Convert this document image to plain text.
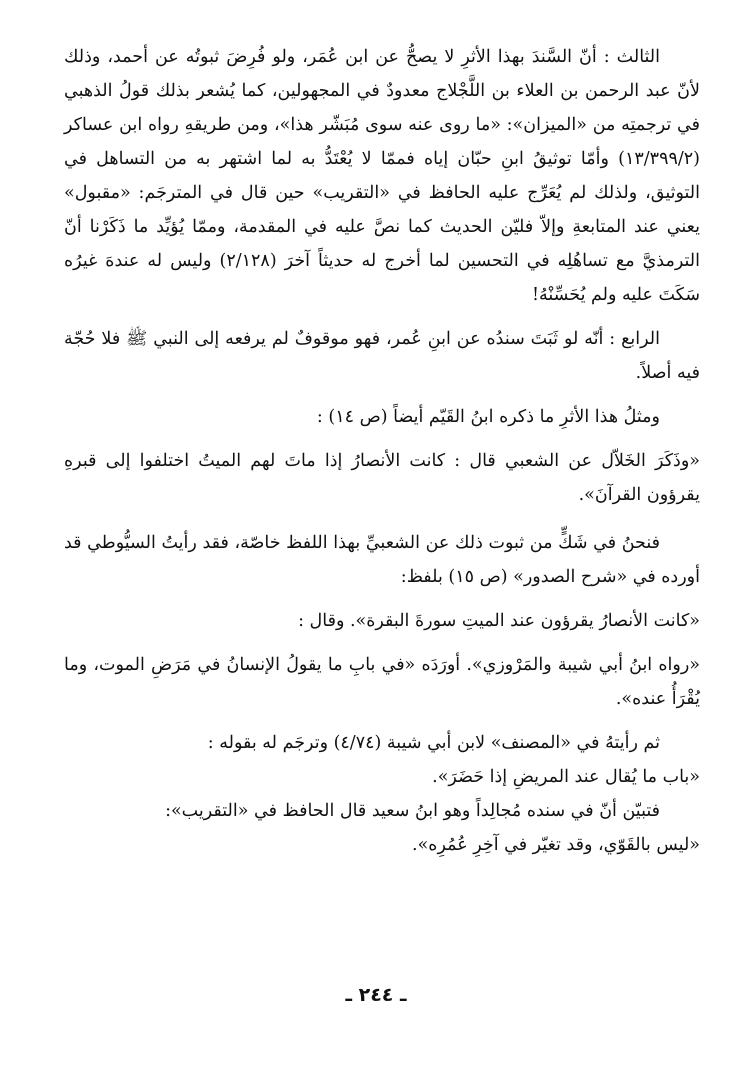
الثالث : أنّ السَّندَ بهذا الأثرِ لا يصحُّ عن ابن عُمَر، ولو فُرِضَ ثبوتُه عن أحمد، وذلك لأنّ عبد الرحمن بن العلاء بن اللَّجْلاج معدودٌ في المجهولين، كما يُشعر بذلك قولُ الذهبي في ترجمتِه من «الميزان»: «ما روى عنه سوى مُبَشّر هذا»، ومن طريقهِ رواه ابن عساكر (١٣/٣٩٩/٢) وأمّا توثيقُ ابنِ حبّان إياه فممّا لا يُعْتَدُّ به لما اشتهر به من التساهل في التوثيق، ولذلك لم يُعَرِّج عليه الحافظ في «التقريب» حين قال في المترجَم: «مقبول» يعني عند المتابعةِ وإلاّ فليّن الحديث كما نصَّ عليه في المقدمة، وممّا يُؤيِّد ما ذَكَرْنا أنّ الترمذيَّ مع تساهُلِه في التحسين لما أخرج له حديثاً آخرَ (٢/١٢٨) وليس له عندهَ غيرُه سَكَتَ عليه ولم يُحَسِّنْهُ!

الرابع : أنّه لو ثَبَتَ سندُه عن ابنِ عُمر، فهو موقوفٌ لم يرفعه إلى النبي ﷺ فلا حُجّة فيه أصلاً.

ومثلُ هذا الأثرِ ما ذكره ابنُ القَيّم أيضاً (ص ١٤) :

«وذَكَرَ الخَلاّل عن الشعبي قال : كانت الأنصارُ إذا ماتَ لهم الميتُ اختلفوا إلى قبرهِ يقرؤون القرآنَ».

فنحنُ في شَكٍّ من ثبوت ذلك عن الشعبيِّ بهذا اللفظ خاصّة، فقد رأيتُ السيُّوطي قد أورده في «شرح الصدور» (ص ١٥) بلفظ:

«كانت الأنصارُ يقرؤون عند الميتِ سورةَ البقرة». وقال :

«رواه ابنُ أبي شيبة والمَرْوزي». أورَدَه «في بابِ ما يقولُ الإنسانُ في مَرَضِ الموت، وما يُقْرَأُ عنده».

ثم رأيتهُ في «المصنف» لابن أبي شيبة (٤/٧٤) وترجَم له بقوله :

«باب ما يُقال عند المريضِ إذا حَضَرَ».

فتبيّن أنّ في سنده مُجالِداً وهو ابنُ سعيد قال الحافظ في «التقريب»:

«ليس بالقَوّي، وقد تغيّر في آخِرِ عُمُرِه».

ـ ٢٤٤ ـ
